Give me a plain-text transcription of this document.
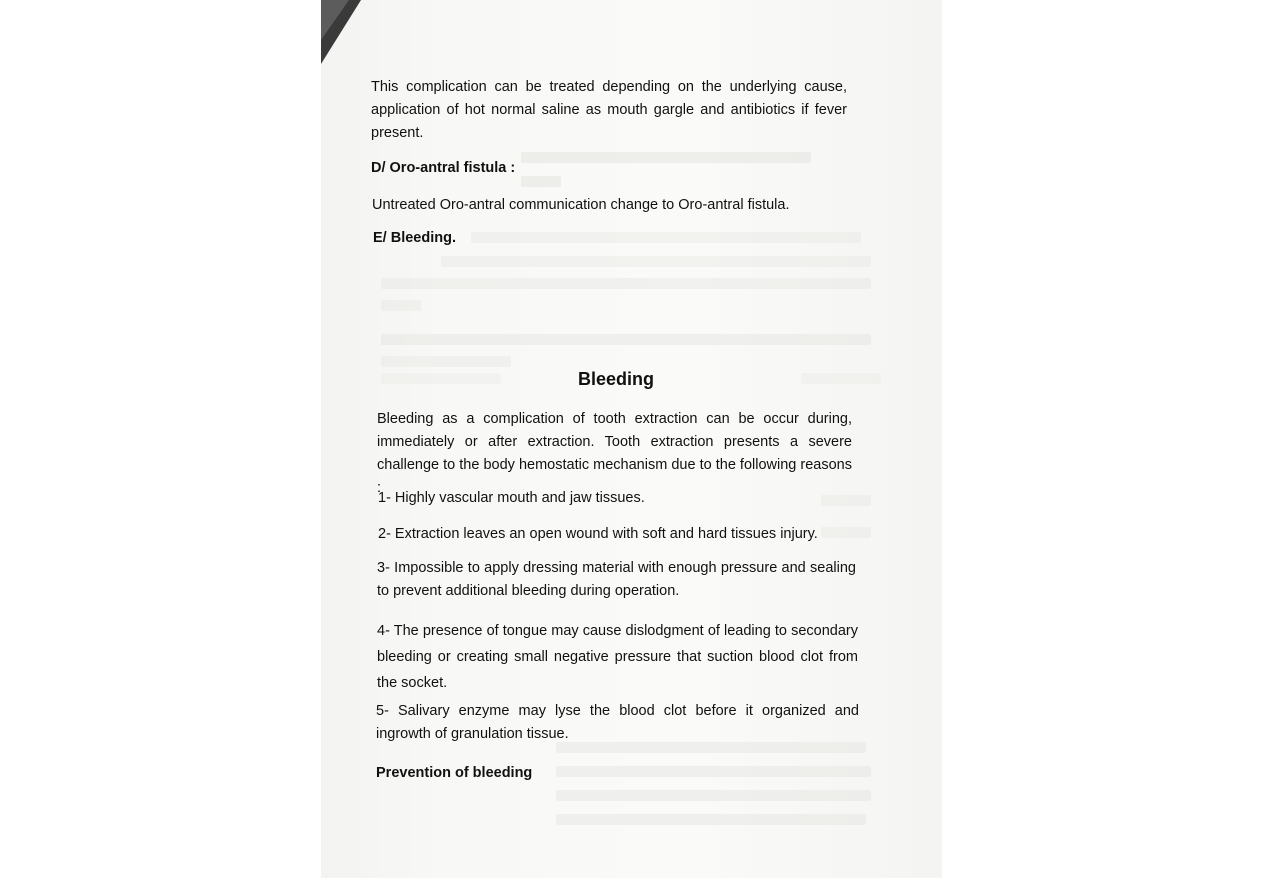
This complication can be treated depending on the underlying cause, application of hot normal saline as mouth gargle and antibiotics if fever present.

D/ Oro-antral fistula :

Untreated Oro-antral communication change to Oro-antral fistula.

E/ Bleeding.

Bleeding

Bleeding as a complication of tooth extraction can be occur during, immediately or after extraction. Tooth extraction presents a severe challenge to the body hemostatic mechanism due to the following reasons :

1- Highly vascular mouth and jaw tissues.

2- Extraction leaves an open wound with soft and hard tissues injury.

3- Impossible to apply dressing material with enough pressure and sealing to prevent additional bleeding during operation.

4- The presence of tongue may cause dislodgment of leading to secondary bleeding or creating small negative pressure that suction blood clot from the socket.

5- Salivary enzyme may lyse the blood clot before it organized and ingrowth of granulation tissue.

Prevention of bleeding
